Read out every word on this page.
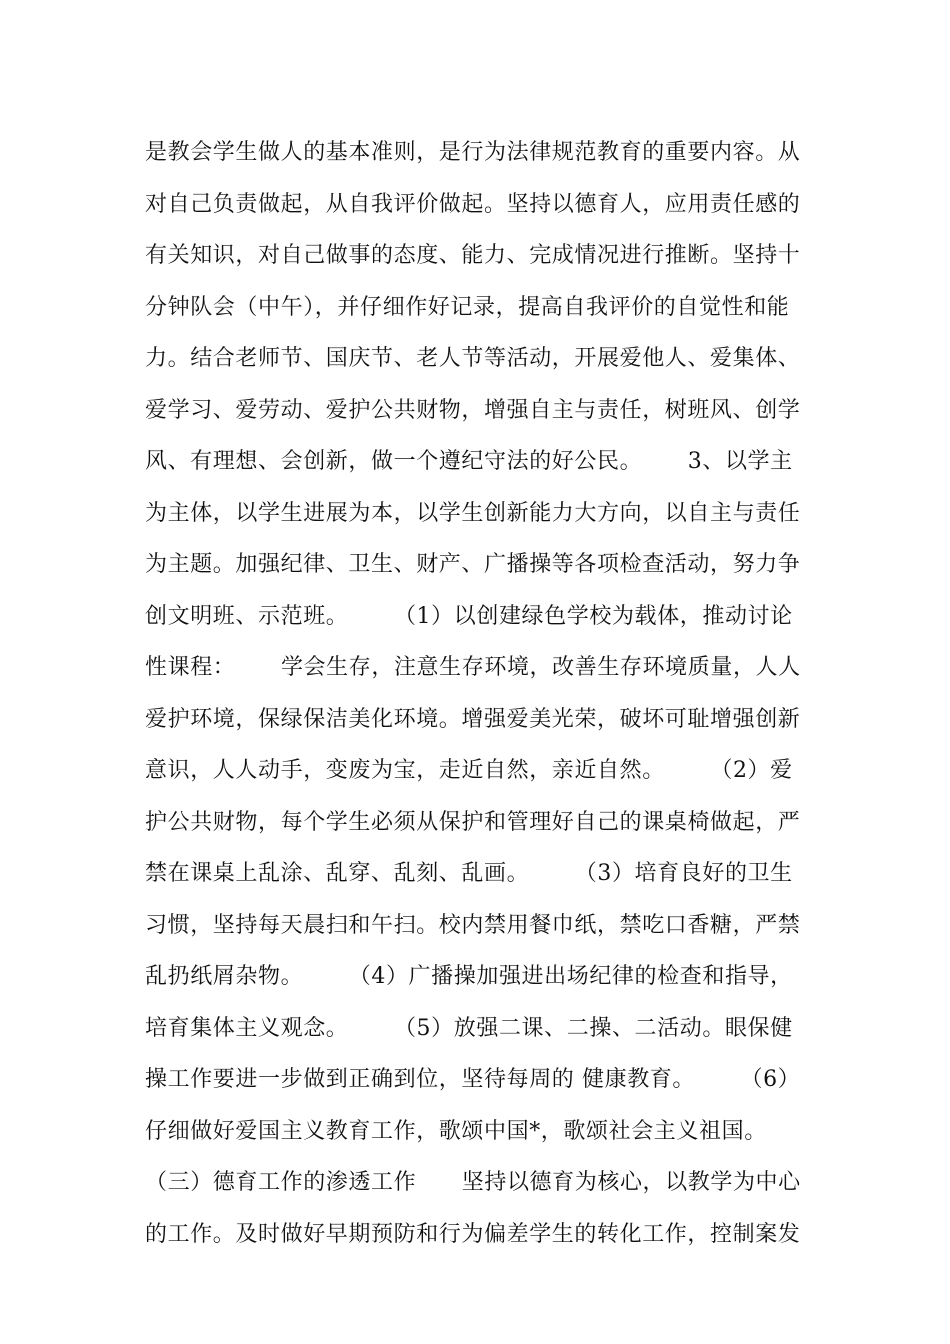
是教会学生做人的基本准则，是行为法律规范教育的重要内容。从
对自己负责做起，从自我评价做起。坚持以德育人，应用责任感的
有关知识，对自己做事的态度、能力、完成情况进行推断。坚持十
分钟队会（中午），并仔细作好记录，提高自我评价的自觉性和能
力。结合老师节、国庆节、老人节等活动，开展爱他人、爱集体、
爱学习、爱劳动、爱护公共财物，增强自主与责任，树班风、创学
风、有理想、会创新，做一个遵纪守法的好公民。      3、以学主
为主体，以学生进展为本，以学生创新能力大方向，以自主与责任
为主题。加强纪律、卫生、财产、广播操等各项检查活动，努力争
创文明班、示范班。      （1）以创建绿色学校为载体，推动讨论
性课程：      学会生存，注意生存环境，改善生存环境质量，人人
爱护环境，保绿保洁美化环境。增强爱美光荣，破坏可耻增强创新
意识，人人动手，变废为宝，走近自然，亲近自然。      （2）爱
护公共财物，每个学生必须从保护和管理好自己的课桌椅做起，严
禁在课桌上乱涂、乱穿、乱刻、乱画。      （3）培育良好的卫生
习惯，坚持每天晨扫和午扫。校内禁用餐巾纸，禁吃口香糖，严禁
乱扔纸屑杂物。      （4）广播操加强进出场纪律的检查和指导，
培育集体主义观念。      （5）放强二课、二操、二活动。眼保健
操工作要进一步做到正确到位，坚待每周的 健康教育。      （6）
仔细做好爱国主义教育工作，歌颂中国*，歌颂社会主义祖国。
（三）德育工作的渗透工作      坚持以德育为核心，以教学为中心
的工作。及时做好早期预防和行为偏差学生的转化工作，控制案发
